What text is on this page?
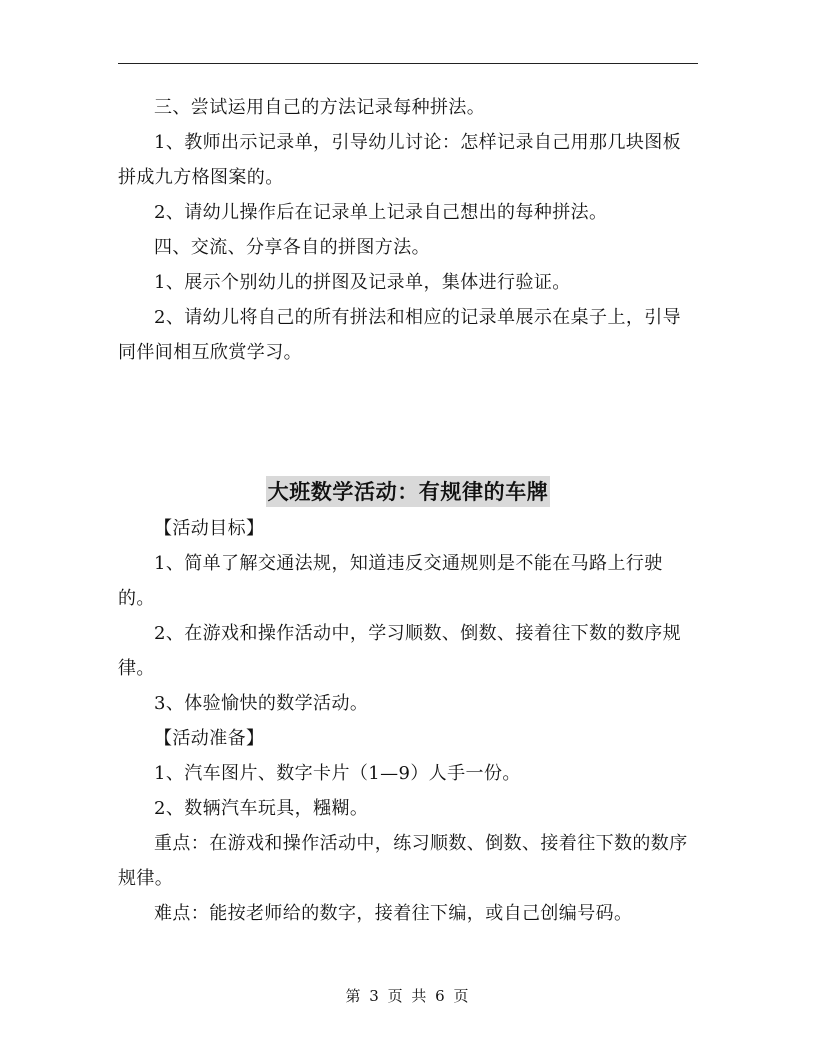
三、尝试运用自己的方法记录每种拼法。

1、教师出示记录单，引导幼儿讨论：怎样记录自己用那几块图板拼成九方格图案的。

2、请幼儿操作后在记录单上记录自己想出的每种拼法。

四、交流、分享各自的拼图方法。

1、展示个别幼儿的拼图及记录单，集体进行验证。

2、请幼儿将自己的所有拼法和相应的记录单展示在桌子上，引导同伴间相互欣赏学习。

大班数学活动：有规律的车牌

【活动目标】

1、简单了解交通法规，知道违反交通规则是不能在马路上行驶的。

2、在游戏和操作活动中，学习顺数、倒数、接着往下数的数序规律。

3、体验愉快的数学活动。

【活动准备】

1、汽车图片、数字卡片（1—9）人手一份。

2、数辆汽车玩具，糨糊。

重点：在游戏和操作活动中，练习顺数、倒数、接着往下数的数序规律。

难点：能按老师给的数字，接着往下编，或自己创编号码。

第 3 页 共 6 页
